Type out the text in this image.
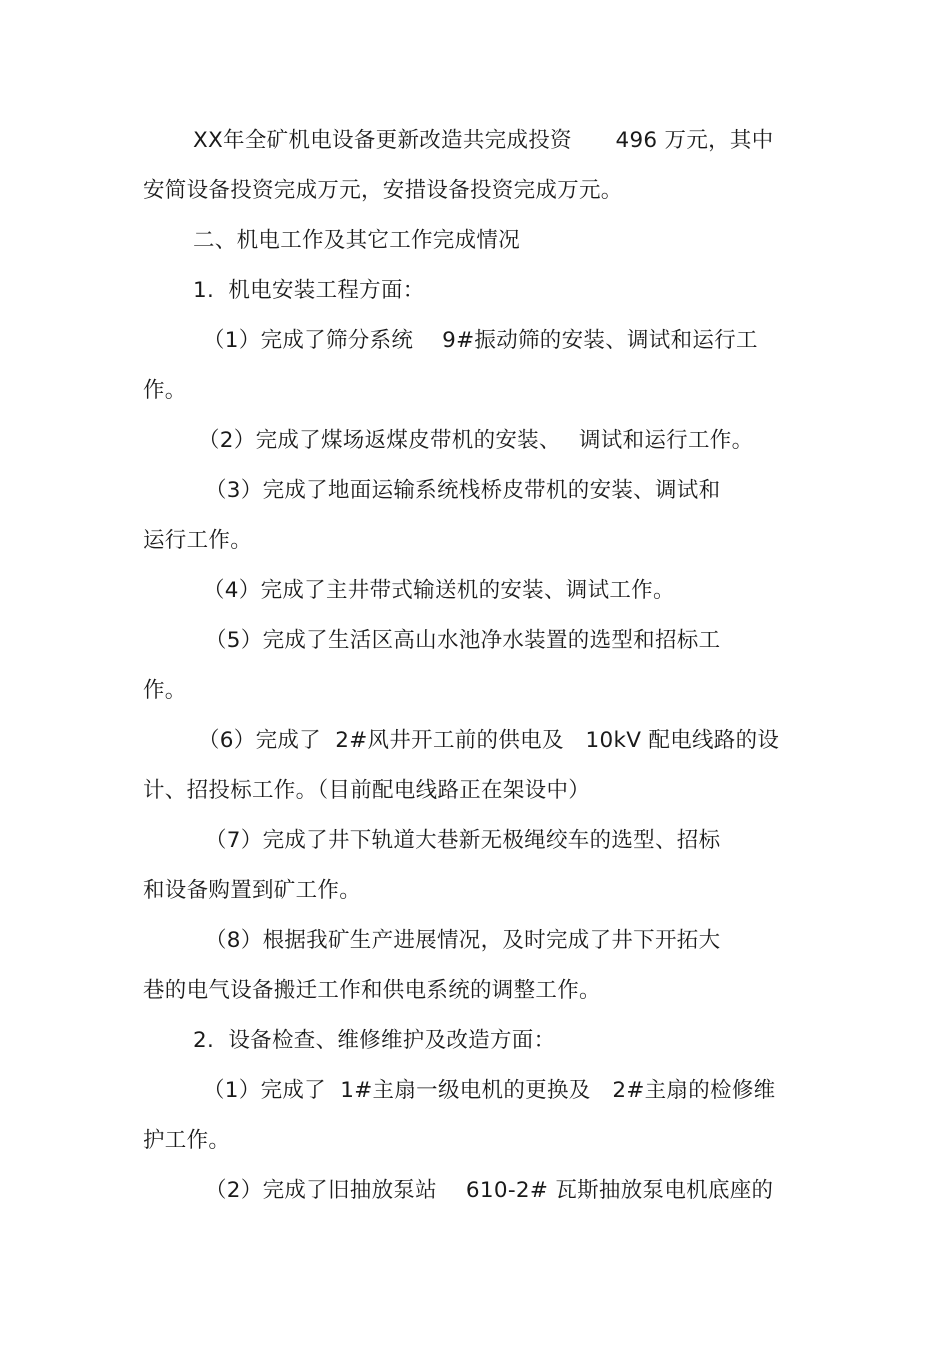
XX年全矿机电设备更新改造共完成投资　　496 万元，其中
安简设备投资完成万元，安措设备投资完成万元。
二、机电工作及其它工作完成情况
1.  机电安装工程方面：
（1）完成了筛分系统　 9#振动筛的安装、调试和运行工
作。
（2）完成了煤场返煤皮带机的安装、　 调试和运行工作。
（3）完成了地面运输系统栈桥皮带机的安装、调试和
运行工作。
（4）完成了主井带式输送机的安装、调试工作。
（5）完成了生活区高山水池净水装置的选型和招标工
作。
（6）完成了  2#风井开工前的供电及　10kV 配电线路的设
计、招投标工作。（目前配电线路正在架设中）
（7）完成了井下轨道大巷新无极绳绞车的选型、招标
和设备购置到矿工作。
（8）根据我矿生产进展情况，及时完成了井下开拓大
巷的电气设备搬迁工作和供电系统的调整工作。
2.  设备检查、维修维护及改造方面：
（1）完成了  1#主扇一级电机的更换及　2#主扇的检修维
护工作。
（2）完成了旧抽放泵站　 610-2# 瓦斯抽放泵电机底座的
